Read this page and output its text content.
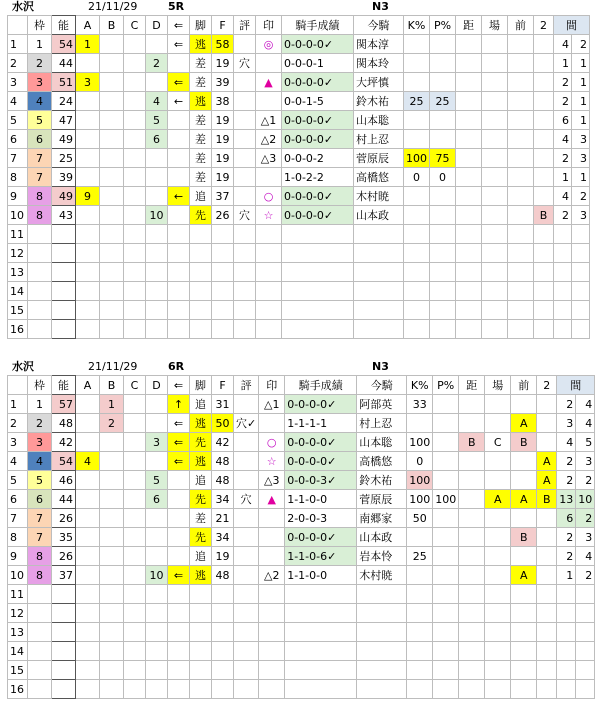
水沢	21/11/29	5R	N3
	枠	能	A	B	C	D	⇐	脚	F	評	印	騎手成績	今騎	K%	P%	距	場	前	2	間	
1	1	54	1				⇐	逃	58		◎	0-0-0-0✓	関本淳							4	2
2	2	44				2		差	19	穴		0-0-0-1	関本玲							1	1
3	3	51	3				⇐	差	39		▲	0-0-0-0✓	大坪慎							2	1
4	4	24				4	←	逃	38			0-0-1-5	鈴木祐	25	25					2	1
5	5	47				5		差	19		△1	0-0-0-0✓	山本聡							6	1
6	6	49				6		差	19		△2	0-0-0-0✓	村上忍							4	3
7	7	25						差	19		△3	0-0-0-2	菅原辰	100	75					2	3
8	7	39						差	19			1-0-2-2	高橋悠	0	0					1	1
9	8	49	9				←	追	37		○	0-0-0-0✓	木村暁							4	2
10	8	43				10		先	26	穴	☆	0-0-0-0✓	山本政						B	2	3
11																					
12																					
13																					
14																					
15																					
16																					
水沢	21/11/29	6R	N3
	枠	能	A	B	C	D	⇐	脚	F	評	印	騎手成績	今騎	K%	P%	距	場	前	2	間	
1	1	57		1			↑	追	31		△1	0-0-0-0✓	阿部英	33						2	4
2	2	48		2			⇐	逃	50	穴✓		1-1-1-1	村上忍					A		3	4
3	3	42				3	⇐	先	42		○	0-0-0-0✓	山本聡	100		B	C	B		4	5
4	4	54	4				⇐	逃	48		☆	0-0-0-0✓	高橋悠	0					A	2	3
5	5	46				5		追	48		△3	0-0-0-3✓	鈴木祐	100					A	2	2
6	6	44				6		先	34	穴	▲	1-1-0-0	菅原辰	100	100		A	A	B	13	10
7	7	26						差	21			2-0-0-3	南郷家	50						6	2
8	7	35						先	34			0-0-0-0✓	山本政					B		2	3
9	8	26						追	19			1-1-0-6✓	岩本怜	25						2	4
10	8	37				10	⇐	逃	48		△2	1-1-0-0	木村暁					A		1	2
11																					
12																					
13																					
14																					
15																					
16																					
